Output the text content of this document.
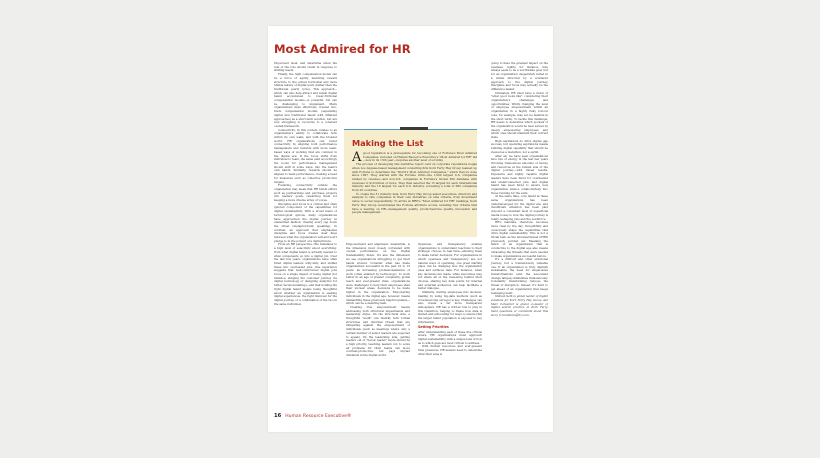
Most Admired for HR

60-percent level, and determine when the rest of the role should result in response to shifting needs.

Finally, the right compensation model can be a force of agility, matching reward structure to the actual horizontal and more nimble nature of digital work (rather than the traditional yearly cycle). This approach—which can also help attract and retain digital talent accustomed to lower-frictional compensation models—is powerful, but can be challenging to implement. Many organizations have effectively created two-track compensation models (separating digital and traditional talent with different approaches) as a short-term solution, but are now struggling to reconcile to a coherent overall framework.

Connectivity. In this context, relates to an organization's ability to collaborate both within its own walls, and with the broader world. HR organizations can foster connectivity by aligning both performance management and rewards with more team-based ways of working that are common in the digital era. If the focus shifts from individual to team, the same (and accordingly the tools) for performance management should shift in some ways, into the team's own hands. Similarly, rewards should be aligned to team performance, creating a need for measures such as collective production targets.

Fostering connectivity outside the organization may mean that HR builds efforts such as partnerships and purchase projects into leaders' goals, rewarding them for keeping a more diverse array of voices.

Discipline and focus is a critical and often ignored component of the capabilities for digital sustainability. With a broad menu of technological options, many organizations have approached the digital journey in unmatched fashion, chasing every cap down the street (metaphorically speaking). In contrast, an approach that emphasizes discipline and focus creates clear lines between what the organization will and won't pledge to in the pursuit of a digital future.

From an HR perspective, this translates to a high level of selectivity about everything: from what digital talent is actually needed to what components go into a digital job. Over the last few years, organizations have often hired digital leaders willy-nilly, and stuffed these into overloaded jobs. One experience suggests that well-constructed digital jobs focus on a single impact of being digital (for instance, shaping the customer journey via digital technology or designing analytics for better decision-making)—and that holding the right digital talent means being thoughtful about whether an organization is seeking digital experiences, the right mind-set for the digital journey, or a combination of the two in the same individual.

Making the List

Agood reputation is a prerequisite for becoming one of Fortune's Most Admired Companies, included on Human Resource Executive's "Most Admired for HR" list—now in its 13th year—requires another level of scrutiny.

The process of developing this definitive report card on corporate reputations began when Los Angeles-based management consulting firm Korn Ferry Hay Group teamed up with Fortune to determine the "World's Most Admired Companies," which they've done since 1997. They started with the Fortune 1000—the 1,000 largest U.S. companies ranked by revenue—and non-U.S. companies in Fortune's Global 500 database with revenues of $10 billion or more. They then selected the 15 largest for each international industry and the 10 largest for each U.S. industry, screening a total of 680 companies from 28 countries.

To create the 51 industry lists, Korn Ferry Hay Group asked executives, directors and analysts to rate companies in their own industries on nine criteria, from investment value to social responsibility. To arrive at HRE's "Most Admired for HR" rankings, Korn Ferry Hay Group recalculated the Fortune attribute scores, isolating four criteria that have a bearing on HR—management quality, product/service quality, innovation and people management.

Empowerment and alignment, meanwhile, is the dimension most closely correlated with overall performance on the Digital Sustainability Index. It's also the dimension we see organizations struggling to get their hands around. Consider what has made organizations successful in the past 10 to 15 years: an increasing professionalization of work (often enabled by technology). To work better in an age of greater complexity, global reach and ever-greater risks, organizations were challenged to help their employees shed their unclear areas, decisions to be made higher in the organization. Empowering individuals in the digital age, however, means dismantling these previously helpful systems—which can be a daunting task.

Creating true empowerment means addressing both structural impediments and leadership styles. On the structural side, a thoughtful "audit" can identify both formal structures and informal rituals that are mitigating against the empowerment of individuals (such as meetings where only a certain number of senior leaders are expected to speak). On the leadership side, getting leaders out of "heroic leader" mode should be a high priority, teaching leaders not to solve all problems for their teams can move contrast-productive, but pays myriad dividends in the digital world.

Openness and transparency enables organizations to understand reactions to their strategic choices in real time—allowing them to make better decisions. For organizations in which openness and transparency are not natural ways of operating, one great starting place can be changing how the organization uses and surfaces data. For instance, when key decisions are made, while executives may not share all of the reasoning behind their choices, sharing key data points for internal and external audiences can help facilitate a better dialogue.

Similarly, inviting employees into decision-making by using big-data methods (such as crowdsourcing surveys) is key. Challenges can also create a far more transparent atmosphere. HR has a critical role to play in this transition, helping to frame how data is shared and advocating for ways to ensure that the larger talent population is exposed to key information.

Setting Priorities

After understanding each of these five critical levers, HR organizations must approach digital sustainability with a unique lens of how as to which gaps are most critical to address.

With limited resources and ever-present time pressures, HR leaders need to determine what their area is

going to have the greatest impact on the business. Agility, for instance, may always seem to be a worthwhile goal, but for an organization desperately mired in a sullen direction by a scattered approach to the digital journey, Discipline and focus may actually be the difference-maker.

Ultimately, HR must have a vision of "what good looks like": considering their organization's challenges and opportunities. Wildly changing the level of employee empowerment within an organization in a highly risky roll-out (one, for example, may not be feasible in the short term). To tackle this challenge, HR needs to determine which pockets of the organization would be best served by deeply empowering employees, and which ones should maintain their current state.

High aspirations do drive digital gap success, but operating aspirations means building digital capability that should be viewed as a marathon, not a sprint.

After all, we have seen organizations face lots of energy in the last few years throwing tremendous amounts of money and resources at the human side of the digital journey—with mixed results. Expensive and highly capable digital leaders have been hired for overheated and underconnected jobs, and digital talent has been hired to ensure new organization silence collaboratively into those running for the exits.

At the same time, core talent at these same organizations has been underdeveloped for the digital era, and insufficient attention has been paid (beyond a consistent level of superficial media noise) to how the digital journey is really reshaping jobs and the workforce.

HR's mandate, therefore, becomes more clear by the day: thoughtfully and consciously shape the capabilities that drive digital sustainability. This is not a trivial task, as the aforementioned CHRO previously pointed out. Meaning the fabric of an organization that is conductive to the digital age also means unraveling the threads that were needed to make organizations successful before.

It's a difficult and often emotional journey, but a tremendously valuable one. If an organization is truly digitally sustainable, the need for single-issue transformations (and the associated change fatigue) diminishes tremendously. Constantly transforming reduces the threat of disruption. Indeed, it's hard to get ahead of an organization that keeps reshaping itself.

Shiman Seth is global leader of digital solutions for Korn Ferry Hay Group and Marc Carpenter is global co-leader of digital search practice at Korn Ferry. Send questions or comments about this story to hreletters@lrp.com.

16 Human Resource Executive®
